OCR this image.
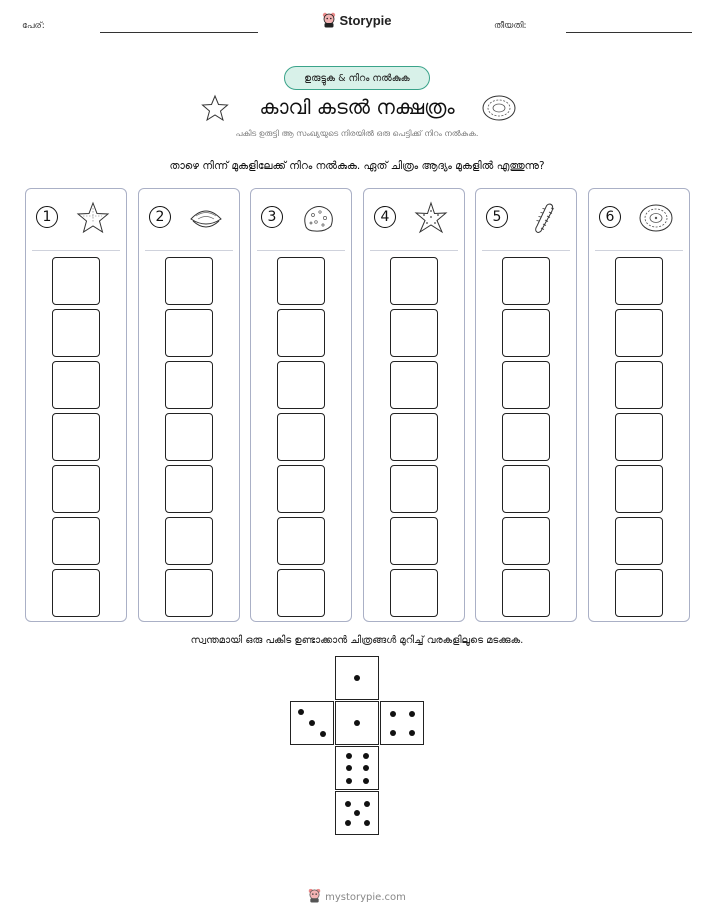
പേര്:	Storypie	തീയതി:
ഉരുട്ടുക & നിറം നൽകുക
കാവി കടൽ നക്ഷത്രം
പകിട ഉരുട്ടി ആ സംഖ്യയുടെ നിരയിൽ ഒരു പെട്ടിക്ക് നിറം നൽകുക.
താഴെ നിന്ന് മുകളിലേക്ക് നിറം നൽകുക. ഏത് ചിത്രം ആദ്യം മുകളിൽ എത്തുന്നു?
1	2	3	4	5	6
സ്വന്തമായി ഒരു പകിട ഉണ്ടാക്കാൻ ചിത്രങ്ങൾ മുറിച്ച് വരകളിലൂടെ മടക്കുക.
mystorypie.com
